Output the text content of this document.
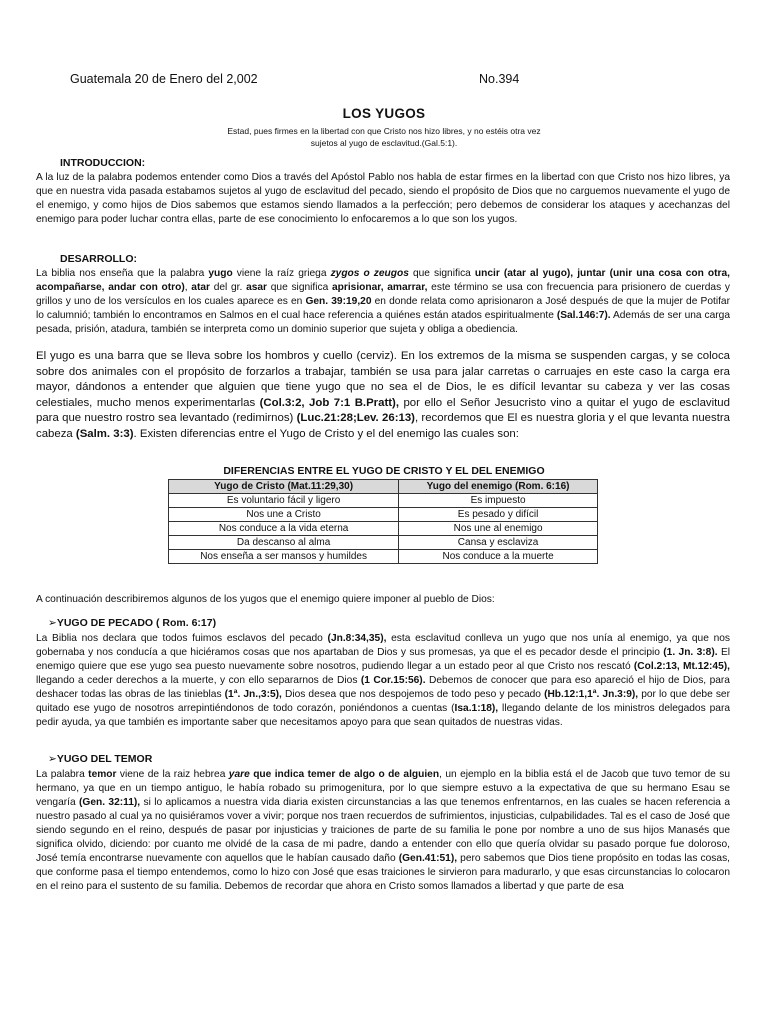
Guatemala 20 de Enero del 2,002	No.394
LOS YUGOS
Estad, pues firmes en la libertad con que Cristo nos hizo libres, y no estéis otra vez
sujetos al yugo de esclavitud.(Gal.5:1).
INTRODUCCION:

A la luz de la palabra podemos entender como Dios a través del Apóstol Pablo nos habla de estar firmes en la libertad con que Cristo nos hizo libres, ya que en nuestra vida pasada estabamos sujetos al yugo de esclavitud del pecado, siendo el propósito de Dios que no carguemos nuevamente el yugo de el enemigo, y como hijos de Dios sabemos que estamos siendo llamados a la perfección; pero debemos de considerar los ataques y acechanzas del enemigo para poder luchar contra ellas, parte de ese conocimiento lo enfocaremos a lo que son los yugos.

DESARROLLO:

La biblia nos enseña que la palabra yugo viene la raíz griega zygos o zeugos que significa uncir (atar al yugo), juntar (unir una cosa con otra, acompañarse, andar con otro), atar del gr. asar que significa aprisionar, amarrar, este término se usa con frecuencia para prisionero de cuerdas y grillos y uno de los versículos en los cuales aparece es en Gen. 39:19,20 en donde relata como aprisionaron a José después de que la mujer de Potifar lo calumnió; también lo encontramos en Salmos en el cual hace referencia a quiénes están atados espiritualmente (Sal.146:7). Además de ser una carga pesada, prisión, atadura, también se interpreta como un dominio superior que sujeta y obliga a obediencia.

El yugo es una barra que se lleva sobre los hombros y cuello (cerviz). En los extremos de la misma se suspenden cargas, y se coloca sobre dos animales con el propósito de forzarlos a trabajar, también se usa para jalar carretas o carruajes en este caso la carga era mayor, dándonos a entender que alguien que tiene yugo que no sea el de Dios, le es difícil levantar su cabeza y ver las cosas celestiales, mucho menos experimentarlas (Col.3:2, Job 7:1 B.Pratt), por ello el Señor Jesucristo vino a quitar el yugo de esclavitud para que nuestro rostro sea levantado (redimirnos) (Luc.21:28;Lev. 26:13), recordemos que El es nuestra gloria y el que levanta nuestra cabeza (Salm. 3:3). Existen diferencias entre el Yugo de Cristo y el del enemigo las cuales son:

DIFERENCIAS ENTRE EL YUGO DE CRISTO Y EL DEL ENEMIGO
Yugo de Cristo (Mat.11:29,30)	Yugo del enemigo (Rom. 6:16)
Es voluntario fácil y ligero	Es impuesto
Nos une a Cristo	Es pesado y difícil
Nos conduce a la vida eterna	Nos une al enemigo
Da descanso al alma	Cansa y esclaviza
Nos enseña a ser mansos y humildes	Nos conduce a la muerte
A continuación describiremos algunos de los yugos que el enemigo quiere imponer al pueblo de Dios:
➢YUGO DE PECADO ( Rom. 6:17)

La Biblia nos declara que todos fuimos esclavos del pecado (Jn.8:34,35), esta esclavitud conlleva un yugo que nos unía al enemigo, ya que nos gobernaba y nos conducía a que hiciéramos cosas que nos apartaban de Dios y sus promesas, ya que el es pecador desde el principio (1. Jn. 3:8). El enemigo quiere que ese yugo sea puesto nuevamente sobre nosotros, pudiendo llegar a un estado peor al que Cristo nos rescató (Col.2:13, Mt.12:45), llegando a ceder derechos a la muerte, y con ello separarnos de Dios (1 Cor.15:56). Debemos de conocer que para eso apareció el hijo de Dios, para deshacer todas las obras de las tinieblas (1ª. Jn.,3:5), Dios desea que nos despojemos de todo peso y pecado (Hb.12:1,1ª. Jn.3:9), por lo que debe ser quitado ese yugo de nosotros arrepintiéndonos de todo corazón, poniéndonos a cuentas (Isa.1:18), llegando delante de los ministros delegados para pedir ayuda, ya que también es importante saber que necesitamos apoyo para que sean quitados de nuestras vidas.

➢YUGO DEL TEMOR

La palabra temor viene de la raiz hebrea yare que indica temer de algo o de alguien, un ejemplo en la biblia está el de Jacob que tuvo temor de su hermano, ya que en un tiempo antiguo, le había robado su primogenitura, por lo que siempre estuvo a la expectativa de que su hermano Esau se vengaría (Gen. 32:11), si lo aplicamos a nuestra vida diaria existen circunstancias a las que tenemos enfrentarnos, en las cuales se hacen referencia a nuestro pasado al cual ya no quisiéramos vover a vivir; porque nos traen recuerdos de sufrimientos, injusticias, culpabilidades. Tal es el caso de José que siendo segundo en el reino, después de pasar por injusticias y traiciones de parte de su familia le pone por nombre a uno de sus hijos Manasés que significa olvido, diciendo: por cuanto me olvidé de la casa de mi padre, dando a entender con ello que quería olvidar su pasado porque fue doloroso, José temía encontrarse nuevamente con aquellos que le habían causado daño (Gen.41:51), pero sabemos que Dios tiene propósito en todas las cosas, que conforme pasa el tiempo entendemos, como lo hizo con José que esas traiciones le sirvieron para madurarlo, y que esas circunstancias lo colocaron en el reino para el sustento de su familia. Debemos de recordar que ahora en Cristo somos llamados a libertad y que parte de esa
